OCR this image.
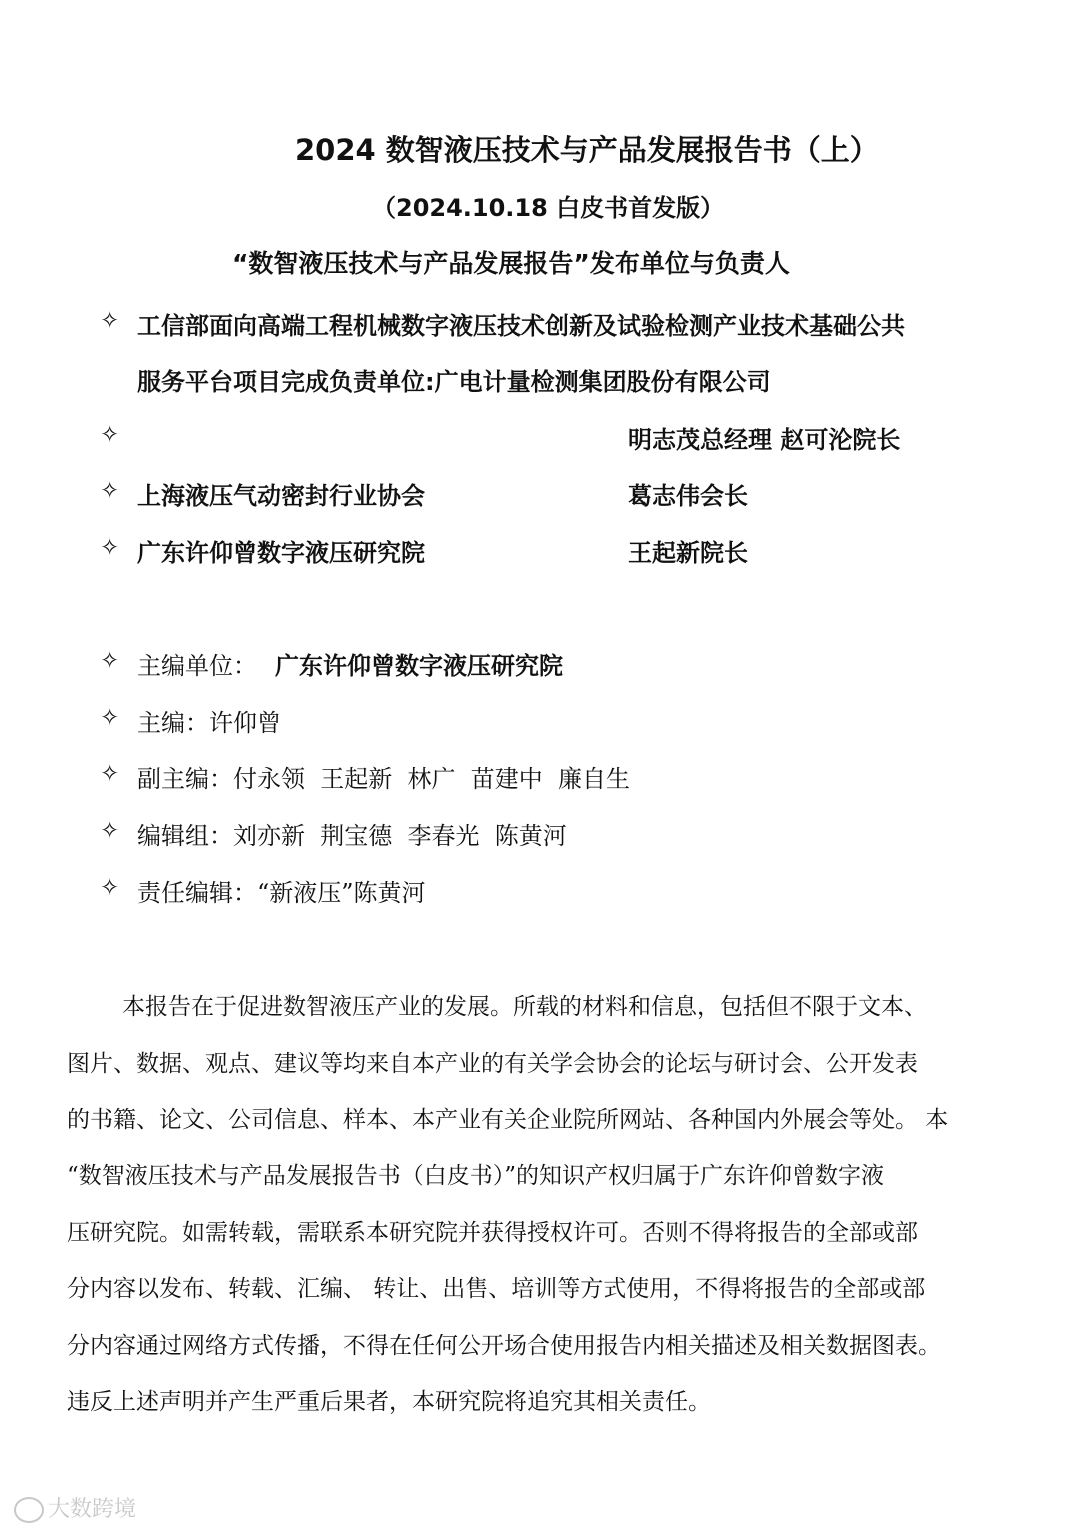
2024 数智液压技术与产品发展报告书（上）
（2024.10.18 白皮书首发版）
“数智液压技术与产品发展报告”发布单位与负责人
✧ 工信部面向高端工程机械数字液压技术创新及试验检测产业技术基础公共
服务平台项目完成负责单位:广电计量检测集团股份有限公司
✧	明志茂总经理 赵可沦院长
✧ 上海液压气动密封行业协会	葛志伟会长
✧ 广东许仰曾数字液压研究院	王起新院长
✧ 主编单位： 广东许仰曾数字液压研究院
✧ 主编：许仰曾
✧ 副主编：付永领  王起新  林广  苗建中  廉自生
✧ 编辑组：刘亦新  荆宝德  李春光  陈黄河
✧ 责任编辑：“新液压”陈黄河
本报告在于促进数智液压产业的发展。所载的材料和信息，包括但不限于文本、
图片、数据、观点、建议等均来自本产业的有关学会协会的论坛与研讨会、公开发表
的书籍、论文、公司信息、样本、本产业有关企业院所网站、各种国内外展会等处。 本
“数智液压技术与产品发展报告书（白皮书）”的知识产权归属于广东许仰曾数字液
压研究院。如需转载，需联系本研究院并获得授权许可。否则不得将报告的全部或部
分内容以发布、转载、汇编、 转让、出售、培训等方式使用，不得将报告的全部或部
分内容通过网络方式传播，不得在任何公开场合使用报告内相关描述及相关数据图表。
违反上述声明并产生严重后果者，本研究院将追究其相关责任。
大数跨境
